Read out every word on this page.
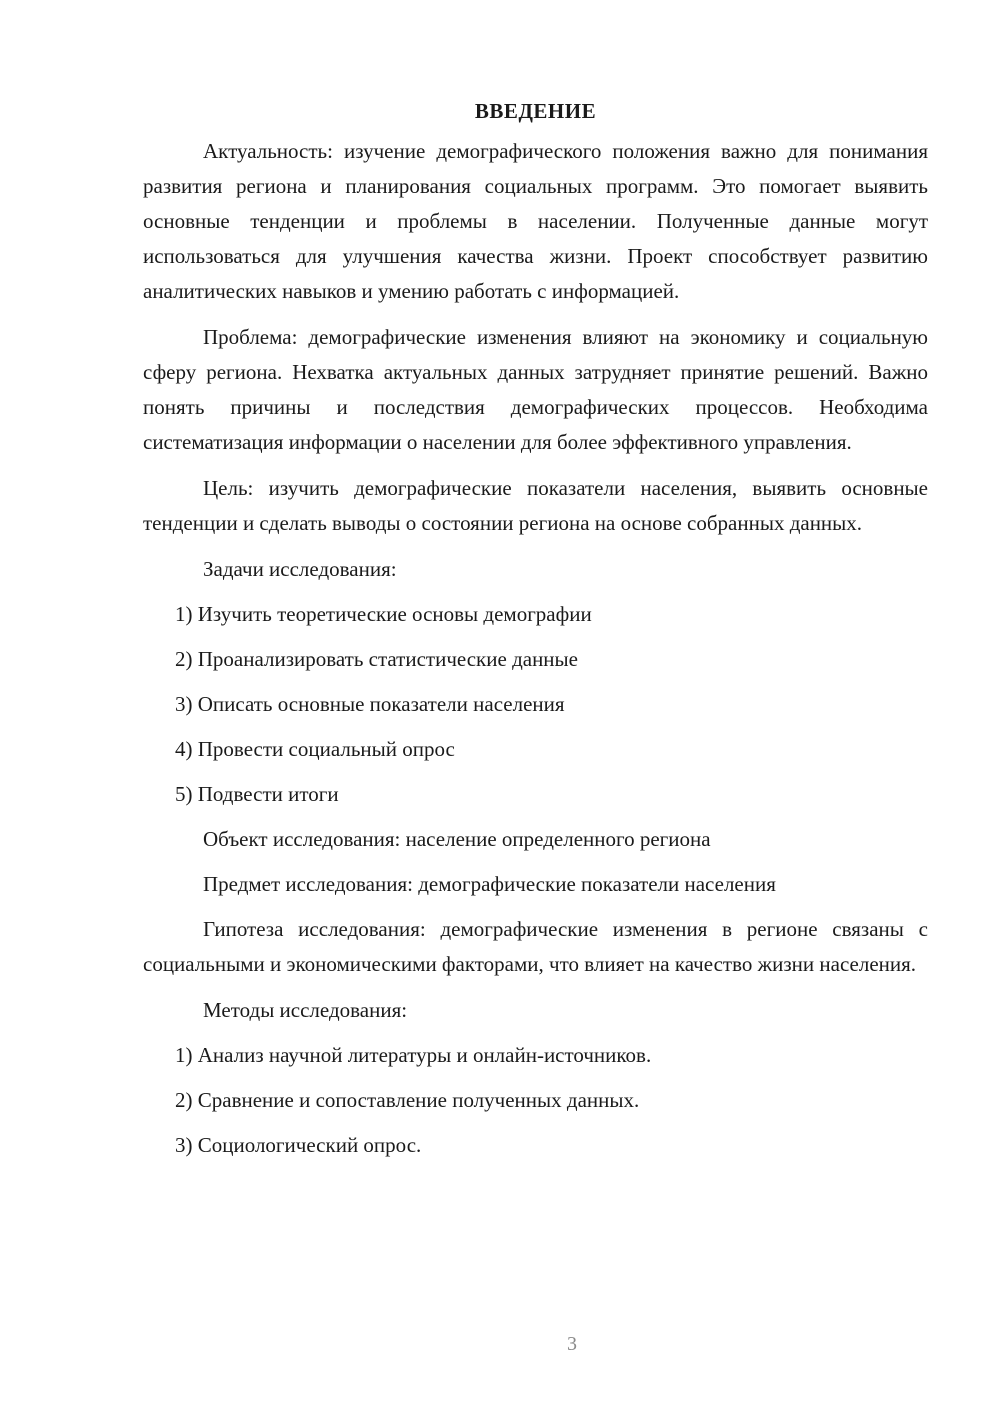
ВВЕДЕНИЕ

Актуальность: изучение демографического положения важно для понимания развития региона и планирования социальных программ. Это помогает выявить основные тенденции и проблемы в населении. Полученные данные могут использоваться для улучшения качества жизни. Проект способствует развитию аналитических навыков и умению работать с информацией.

Проблема: демографические изменения влияют на экономику и социальную сферу региона. Нехватка актуальных данных затрудняет принятие решений. Важно понять причины и последствия демографических процессов. Необходима систематизация информации о населении для более эффективного управления.

Цель: изучить демографические показатели населения, выявить основные тенденции и сделать выводы о состоянии региона на основе собранных данных.

Задачи исследования:

1) Изучить теоретические основы демографии
2) Проанализировать статистические данные
3) Описать основные показатели населения
4) Провести социальный опрос
5) Подвести итоги

Объект исследования: население определенного региона

Предмет исследования: демографические показатели населения

Гипотеза исследования: демографические изменения в регионе связаны с социальными и экономическими факторами, что влияет на качество жизни населения.

Методы исследования:

1) Анализ научной литературы и онлайн-источников.
2) Сравнение и сопоставление полученных данных.
3) Социологический опрос.
3
